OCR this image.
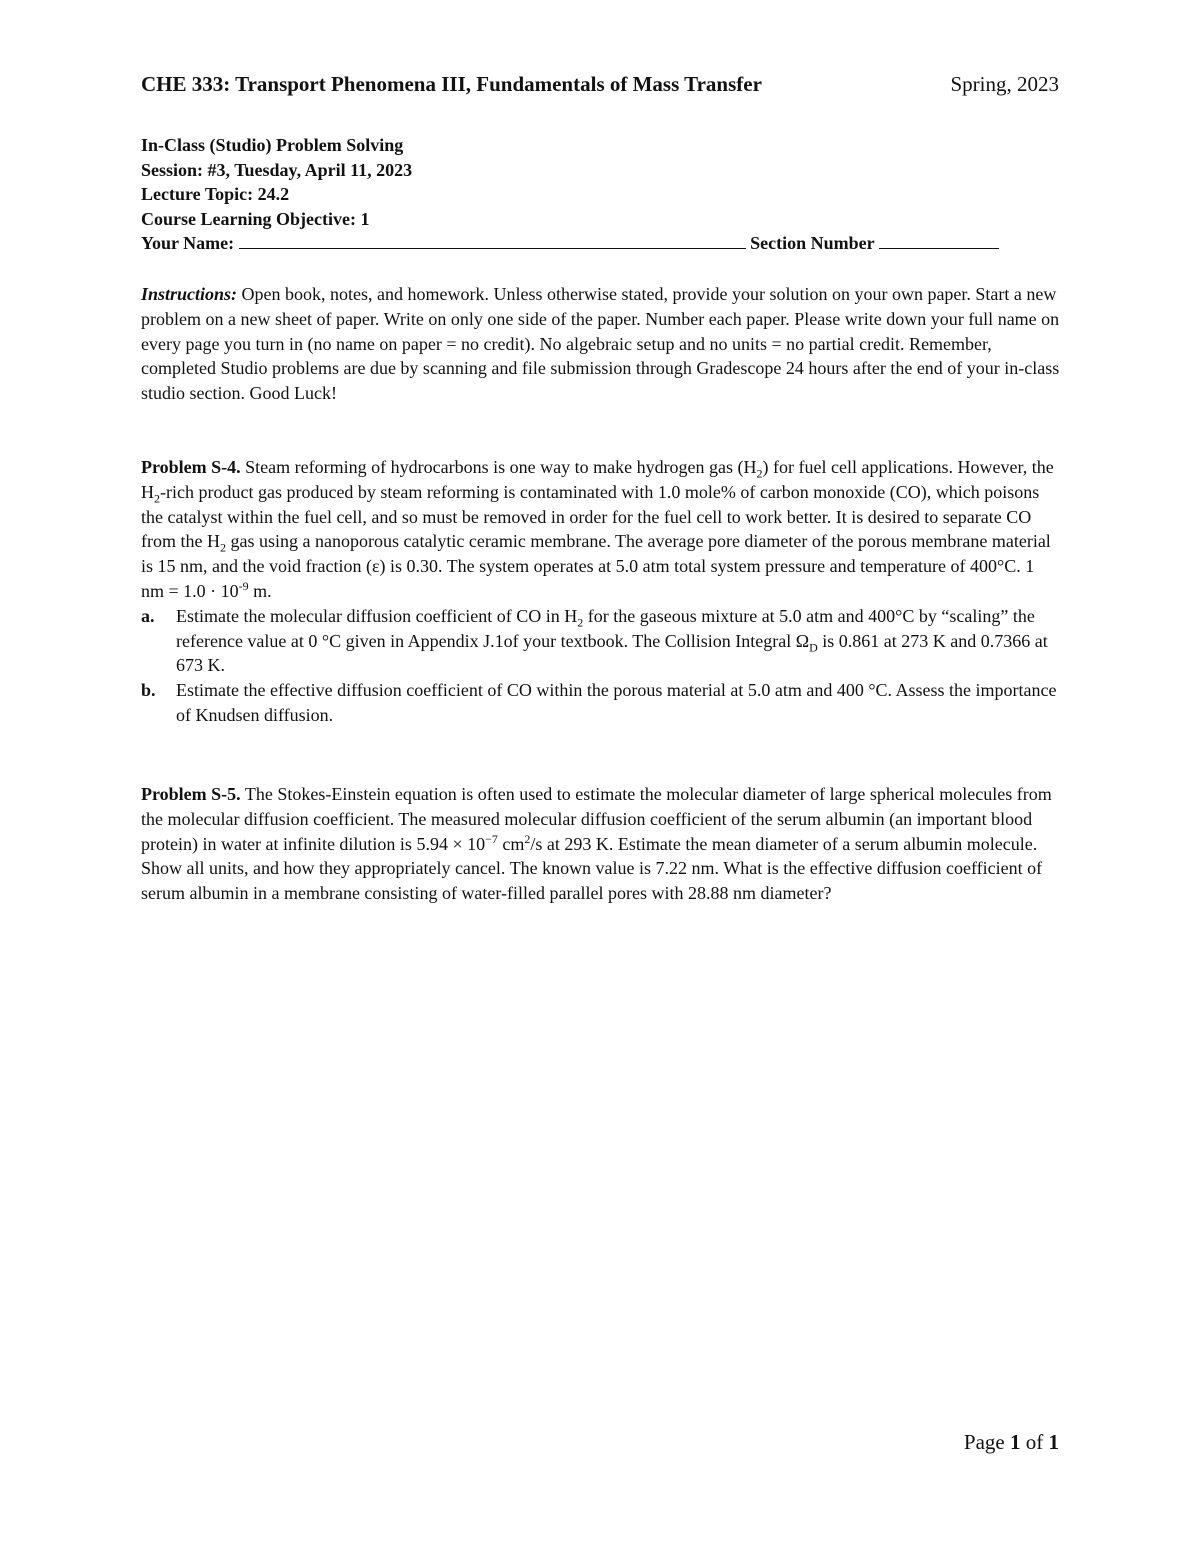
CHE 333: Transport Phenomena III, Fundamentals of Mass Transfer	Spring, 2023
In-Class (Studio) Problem Solving
Session: #3, Tuesday, April 11, 2023
Lecture Topic: 24.2
Course Learning Objective: 1
Your Name:	Section Number

Instructions: Open book, notes, and homework. Unless otherwise stated, provide your solution on your own paper. Start a new problem on a new sheet of paper. Write on only one side of the paper. Number each paper. Please write down your full name on every page you turn in (no name on paper = no credit). No algebraic setup and no units = no partial credit. Remember, completed Studio problems are due by scanning and file submission through Gradescope 24 hours after the end of your in-class studio section. Good Luck!

Problem S-4. Steam reforming of hydrocarbons is one way to make hydrogen gas $(H_2)$ for fuel cell applications. However, the $H_2$-rich product gas produced by steam reforming is contaminated with 1.0 mole% of carbon monoxide (CO), which poisons the catalyst within the fuel cell, and so must be removed in order for the fuel cell to work better. It is desired to separate CO from the $H_2$ gas using a nanoporous catalytic ceramic membrane. The average pore diameter of the porous membrane material is 15 nm, and the void fraction (ε) is 0.30. The system operates at 5.0 atm total system pressure and temperature of 400°C. 1 nm = $1.0 \cdot 10^{-9}$ m.

a.	Estimate the molecular diffusion coefficient of CO in $H_2$ for the gaseous mixture at 5.0 atm and 400°C by “scaling” the reference value at 0 °C given in Appendix J.1of your textbook. The Collision Integral $\Omega_D$ is 0.861 at 273 K and 0.7366 at 673 K.
b.	Estimate the effective diffusion coefficient of CO within the porous material at 5.0 atm and 400 °C. Assess the importance of Knudsen diffusion.

Problem S-5. The Stokes-Einstein equation is often used to estimate the molecular diameter of large spherical molecules from the molecular diffusion coefficient. The measured molecular diffusion coefficient of the serum albumin (an important blood protein) in water at infinite dilution is $5.94 \times 10^{-7}$ $cm^2/s$ at 293 K. Estimate the mean diameter of a serum albumin molecule. Show all units, and how they appropriately cancel. The known value is 7.22 nm. What is the effective diffusion coefficient of serum albumin in a membrane consisting of water-filled parallel pores with 28.88 nm diameter?

Page 1 of 1
